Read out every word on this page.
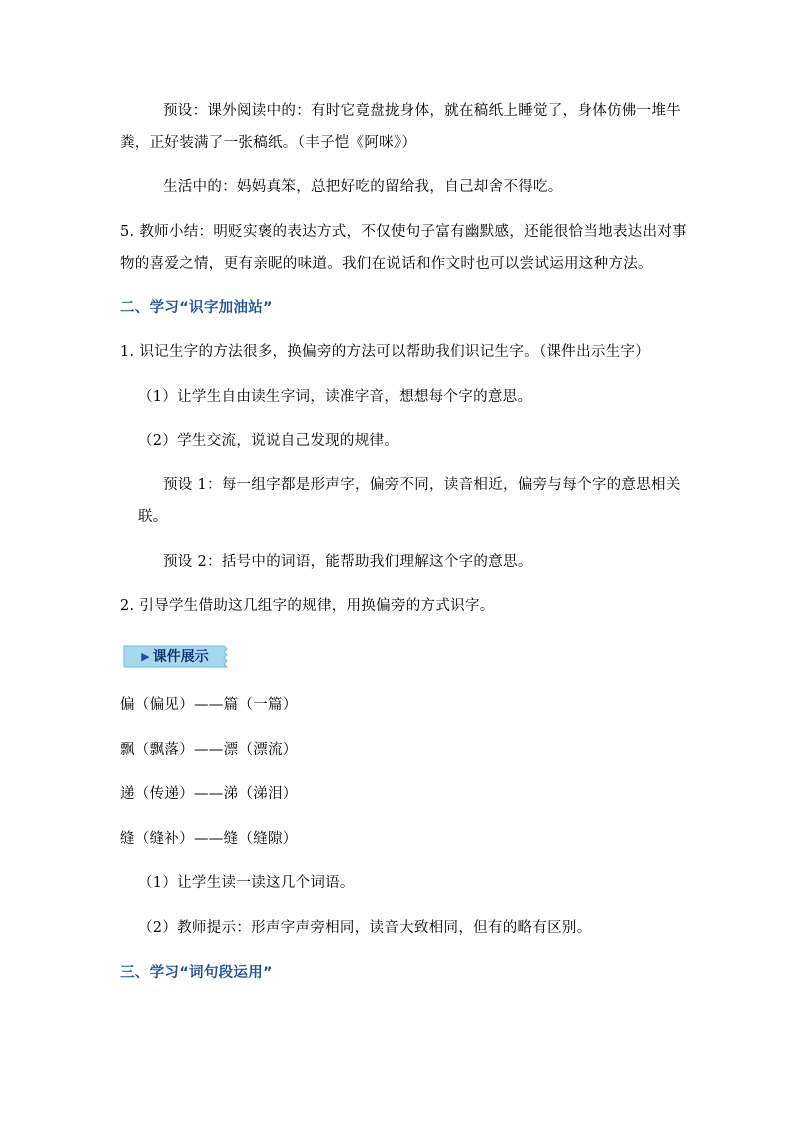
预设：课外阅读中的：有时它竟盘拢身体，就在稿纸上睡觉了，身体仿佛一堆牛
粪，正好装满了一张稿纸。（丰子恺《阿咪》）
生活中的：妈妈真笨，总把好吃的留给我，自己却舍不得吃。
5. 教师小结：明贬实褒的表达方式，不仅使句子富有幽默感，还能很恰当地表达出对事
物的喜爱之情，更有亲昵的味道。我们在说话和作文时也可以尝试运用这种方法。
二、学习“识字加油站”
1. 识记生字的方法很多，换偏旁的方法可以帮助我们识记生字。（课件出示生字）
（1）让学生自由读生字词，读准字音，想想每个字的意思。
（2）学生交流，说说自己发现的规律。
预设 1：每一组字都是形声字，偏旁不同，读音相近，偏旁与每个字的意思相关
联。
预设 2：括号中的词语，能帮助我们理解这个字的意思。
2. 引导学生借助这几组字的规律，用换偏旁的方式识字。
▶ 课件展示
偏（偏见）——篇（一篇）
飘（飘落）——漂（漂流）
递（传递）——涕（涕泪）
缝（缝补）——缝（缝隙）
（1）让学生读一读这几个词语。
（2）教师提示：形声字声旁相同，读音大致相同，但有的略有区别。
三、学习“词句段运用”
